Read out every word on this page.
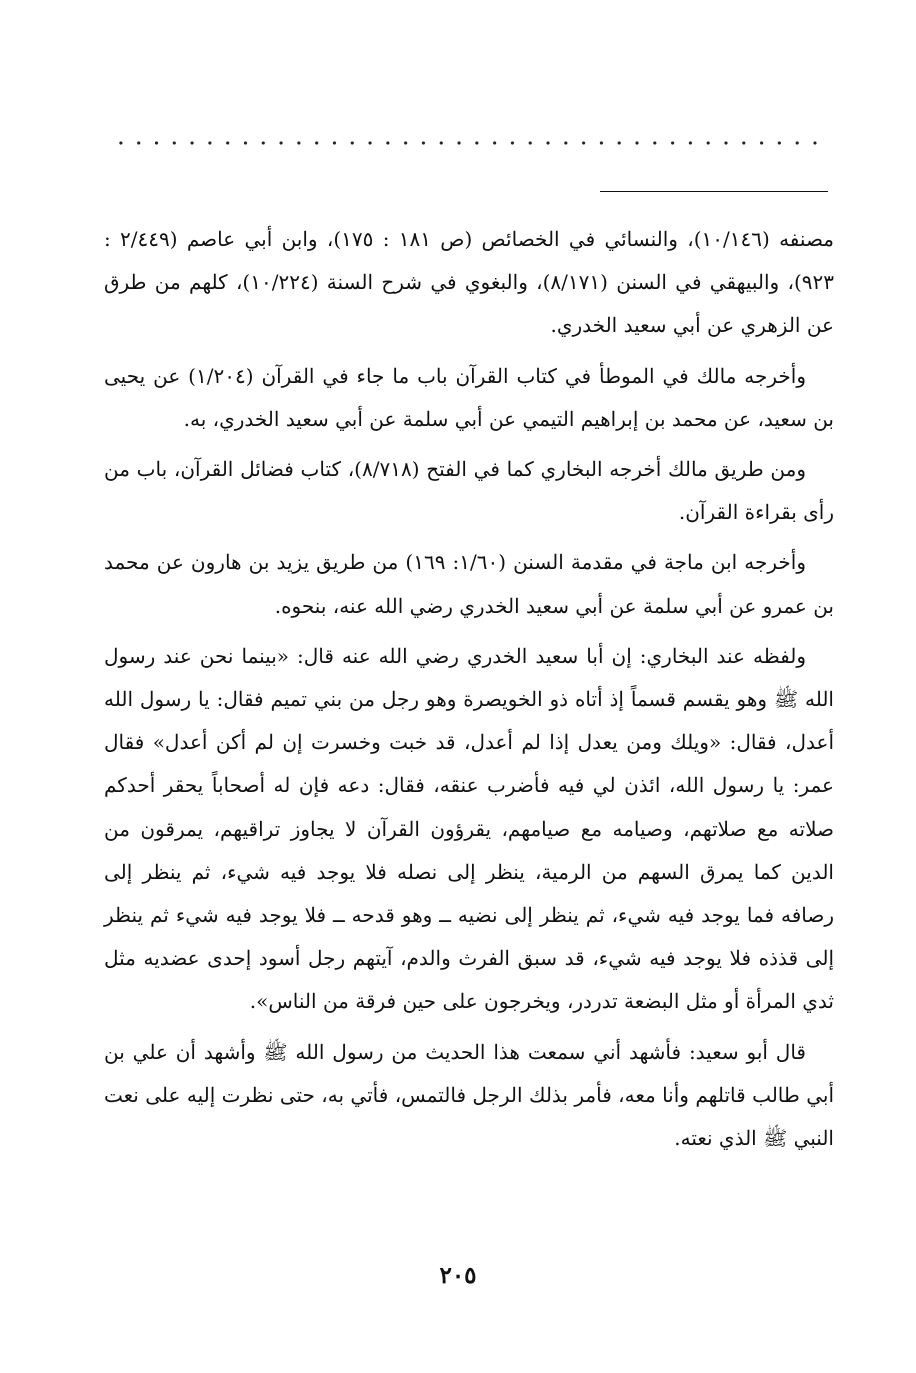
مصنفه (١٠/١٤٦)، والنسائي في الخصائص (ص ١٨١ : ١٧٥)، وابن أبي عاصم (٢/٤٤٩ : ٩٢٣)، والبيهقي في السنن (٨/١٧١)، والبغوي في شرح السنة (١٠/٢٢٤)، كلهم من طرق عن الزهري عن أبي سعيد الخدري.

وأخرجه مالك في الموطأ في كتاب القرآن باب ما جاء في القرآن (١/٢٠٤) عن يحيى بن سعيد، عن محمد بن إبراهيم التيمي عن أبي سلمة عن أبي سعيد الخدري، به.

ومن طريق مالك أخرجه البخاري كما في الفتح (٨/٧١٨)، كتاب فضائل القرآن، باب من رأى بقراءة القرآن.

وأخرجه ابن ماجة في مقدمة السنن (١/٦٠: ١٦٩) من طريق يزيد بن هارون عن محمد بن عمرو عن أبي سلمة عن أبي سعيد الخدري رضي الله عنه، بنحوه.

ولفظه عند البخاري: إن أبا سعيد الخدري رضي الله عنه قال: «بينما نحن عند رسول الله ﷺ وهو يقسم قسماً إذ أتاه ذو الخويصرة وهو رجل من بني تميم فقال: يا رسول الله أعدل، فقال: «ويلك ومن يعدل إذا لم أعدل، قد خبت وخسرت إن لم أكن أعدل» فقال عمر: يا رسول الله، ائذن لي فيه فأضرب عنقه، فقال: دعه فإن له أصحاباً يحقر أحدكم صلاته مع صلاتهم، وصيامه مع صيامهم، يقرؤون القرآن لا يجاوز تراقيهم، يمرقون من الدين كما يمرق السهم من الرمية، ينظر إلى نصله فلا يوجد فيه شيء، ثم ينظر إلى رصافه فما يوجد فيه شيء، ثم ينظر إلى نضيه ــ وهو قدحه ــ فلا يوجد فيه شيء ثم ينظر إلى قذذه فلا يوجد فيه شيء، قد سبق الفرث والدم، آيتهم رجل أسود إحدى عضديه مثل ثدي المرأة أو مثل البضعة تدردر، ويخرجون على حين فرقة من الناس».

قال أبو سعيد: فأشهد أني سمعت هذا الحديث من رسول الله ﷺ وأشهد أن علي بن أبي طالب قاتلهم وأنا معه، فأمر بذلك الرجل فالتمس، فأتي به، حتى نظرت إليه على نعت النبي ﷺ الذي نعته.

٢٠٥
